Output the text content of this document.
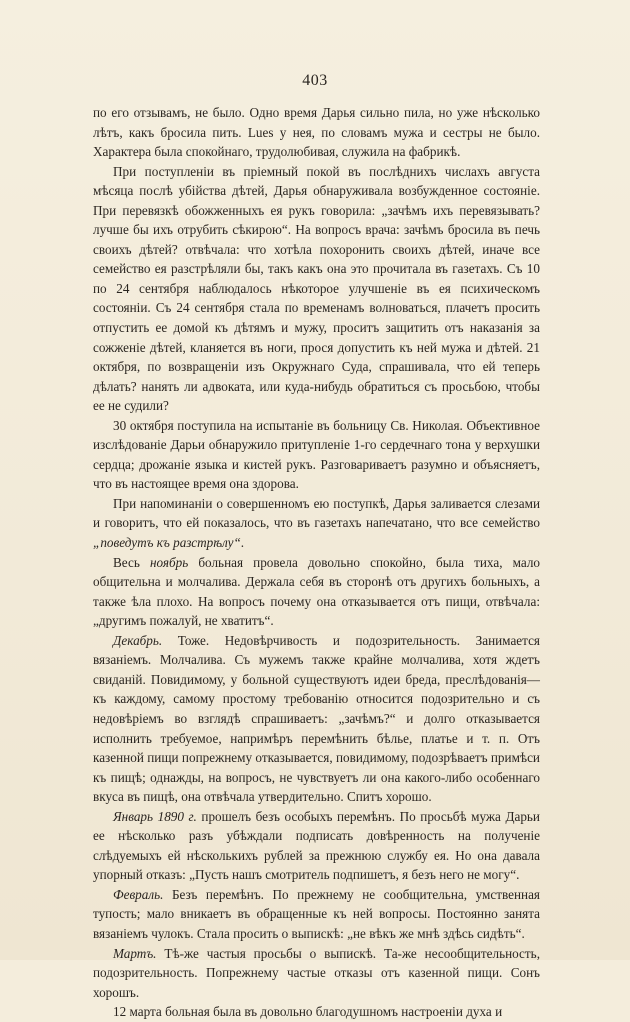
403

по его отзывамъ, не было. Одно время Дарья сильно пила, но уже нѣсколько лѣтъ, какъ бросила пить. Lues у нея, по словамъ мужа и сестры не было. Характера была спокойнаго, трудолюбивая, служила на фабрикѣ.

При поступленіи въ пріемный покой въ послѣднихъ числахъ августа мѣсяца послѣ убійства дѣтей, Дарья обнаруживала возбужденное состояніе. При перевязкѣ обожженныхъ ея рукъ говорила: „зачѣмъ ихъ перевязывать? лучше бы ихъ отрубить сѣкирою“. На вопросъ врача: зачѣмъ бросила въ печь своихъ дѣтей? отвѣчала: что хотѣла похоронить своихъ дѣтей, иначе все семейство ея разстрѣляли бы, такъ какъ она это прочитала въ газетахъ. Съ 10 по 24 сентября наблюдалось нѣкоторое улучшеніе въ ея психическомъ состояніи. Съ 24 сентября стала по временамъ волноваться, плачетъ просить отпустить ее домой къ дѣтямъ и мужу, проситъ защитить отъ наказанія за сожженіе дѣтей, кланяется въ ноги, прося допустить къ ней мужа и дѣтей. 21 октября, по возвращеніи изъ Окружнаго Суда, спрашивала, что ей теперь дѣлать? нанять ли адвоката, или куда-нибудь обратиться съ просьбою, чтобы ее не судили?

30 октября поступила на испытаніе въ больницу Св. Николая. Объективное изслѣдованіе Дарьи обнаружило притупленіе 1-го сердечнаго тона у верхушки сердца; дрожаніе языка и кистей рукъ. Разговариваетъ разумно и объясняетъ, что въ настоящее время она здорова.

При напоминаніи о совершенномъ ею поступкѣ, Дарья заливается слезами и говоритъ, что ей показалось, что въ газетахъ напечатано, что все семейство „поведутъ къ разстрѣлу“.

Весь ноябрь больная провела довольно спокойно, была тиха, мало общительна и молчалива. Держала себя въ сторонѣ отъ другихъ больныхъ, а также ѣла плохо. На вопросъ почему она отказывается отъ пищи, отвѣчала: „другимъ пожалуй, не хватитъ“.

Декабрь. Тоже. Недовѣрчивость и подозрительность. Занимается вязаніемъ. Молчалива. Съ мужемъ также крайне молчалива, хотя ждетъ свиданій. Повидимому, у больной существуютъ идеи бреда, преслѣдованія—къ каждому, самому простому требованію относится подозрительно и съ недовѣріемъ во взглядѣ спрашиваетъ: „зачѣмъ?“ и долго отказывается исполнить требуемое, напримѣръ перемѣнить бѣлье, платье и т. п. Отъ казенной пищи попрежнему отказывается, повидимому, подозрѣваетъ примѣси къ пищѣ; однажды, на вопросъ, не чувствуетъ ли она какого-либо особеннаго вкуса въ пищѣ, она отвѣчала утвердительно. Спитъ хорошо.

Январь 1890 г. прошелъ безъ особыхъ перемѣнъ. По просьбѣ мужа Дарьи ее нѣсколько разъ убѣждали подписать довѣренность на полученіе слѣдуемыхъ ей нѣсколькихъ рублей за прежнюю службу ея. Но она давала упорный отказъ: „Пусть нашъ смотритель подпишетъ, я безъ него не могу“.

Февраль. Безъ перемѣнъ. По прежнему не сообщительна, умственная тупость; мало вникаетъ въ обращенные къ ней вопросы. Постоянно занята вязаніемъ чулокъ. Стала просить о выпискѣ: „не вѣкъ же мнѣ здѣсь сидѣть“.

Мартъ. Тѣ-же частыя просьбы о выпискѣ. Та-же несообщительность, подозрительность. Попрежнему частые отказы отъ казенной пищи. Сонъ хорошъ.

12 марта больная была въ довольно благодушномъ настроеніи духа и
